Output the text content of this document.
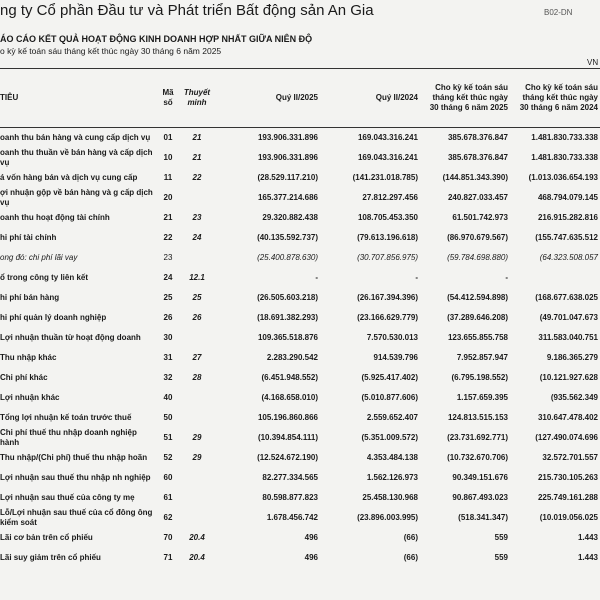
ng ty Cổ phần Đầu tư và Phát triển Bất động sản An Gia	B02-DN
ÁO CÁO KẾT QUẢ HOẠT ĐỘNG KINH DOANH HỢP NHẤT GIỮA NIÊN ĐỘ
o kỳ kế toán sáu tháng kết thúc ngày 30 tháng 6 năm 2025
VN
TIÊU	Mã số	Thuyết minh	Quý II/2025	Quý II/2024	Cho kỳ kế toán sáu tháng kết thúc ngày 30 tháng 6 năm 2025	Cho kỳ kế toán sáu tháng kết thúc ngày 30 tháng 6 năm 2024
oanh thu bán hàng và cung cấp dịch vụ	01	21	193.906.331.896	169.043.316.241	385.678.376.847	1.481.830.733.338
oanh thu thuần về bán hàng và cấp dịch vụ	10	21	193.906.331.896	169.043.316.241	385.678.376.847	1.481.830.733.338
á vốn hàng bán và dịch vụ cung cấp	11	22	(28.529.117.210)	(141.231.018.785)	(144.851.343.390)	(1.013.036.654.193
ợi nhuận gộp về bán hàng và g cấp dịch vụ	20		165.377.214.686	27.812.297.456	240.827.033.457	468.794.079.145
oanh thu hoạt động tài chính	21	23	29.320.882.438	108.705.453.350	61.501.742.973	216.915.282.816
hi phí tài chính	22	24	(40.135.592.737)	(79.613.196.618)	(86.970.679.567)	(155.747.635.512
ong đó: chi phí lãi vay	23		(25.400.878.630)	(30.707.856.975)	(59.784.698.880)	(64.323.508.057
ổ trong công ty liên kết	24	12.1	-	-	-	
hi phí bán hàng	25	25	(26.505.603.218)	(26.167.394.396)	(54.412.594.898)	(168.677.638.025
hi phí quản lý doanh nghiệp	26	26	(18.691.382.293)	(23.166.629.779)	(37.289.646.208)	(49.701.047.673
Lợi nhuận thuần từ hoạt động doanh	30		109.365.518.876	7.570.530.013	123.655.855.758	311.583.040.751
Thu nhập khác	31	27	2.283.290.542	914.539.796	7.952.857.947	9.186.365.279
Chi phí khác	32	28	(6.451.948.552)	(5.925.417.402)	(6.795.198.552)	(10.121.927.628
Lợi nhuận khác	40		(4.168.658.010)	(5.010.877.606)	1.157.659.395	(935.562.349
Tổng lợi nhuận kế toán trước thuế	50		105.196.860.866	2.559.652.407	124.813.515.153	310.647.478.402
Chi phí thuế thu nhập doanh nghiệp hành	51	29	(10.394.854.111)	(5.351.009.572)	(23.731.692.771)	(127.490.074.696
Thu nhập/(Chi phí) thuế thu nhập hoãn	52	29	(12.524.672.190)	4.353.484.138	(10.732.670.706)	32.572.701.557
Lợi nhuận sau thuế thu nhập nh nghiệp	60		82.277.334.565	1.562.126.973	90.349.151.676	215.730.105.263
Lợi nhuận sau thuế của công ty mẹ	61		80.598.877.823	25.458.130.968	90.867.493.023	225.749.161.288
Lỗ/Lợi nhuận sau thuế của cổ đông ông kiểm soát	62		1.678.456.742	(23.896.003.995)	(518.341.347)	(10.019.056.025
Lãi cơ bản trên cổ phiếu	70	20.4	496	(66)	559	1.443
Lãi suy giảm trên cổ phiếu	71	20.4	496	(66)	559	1.443
